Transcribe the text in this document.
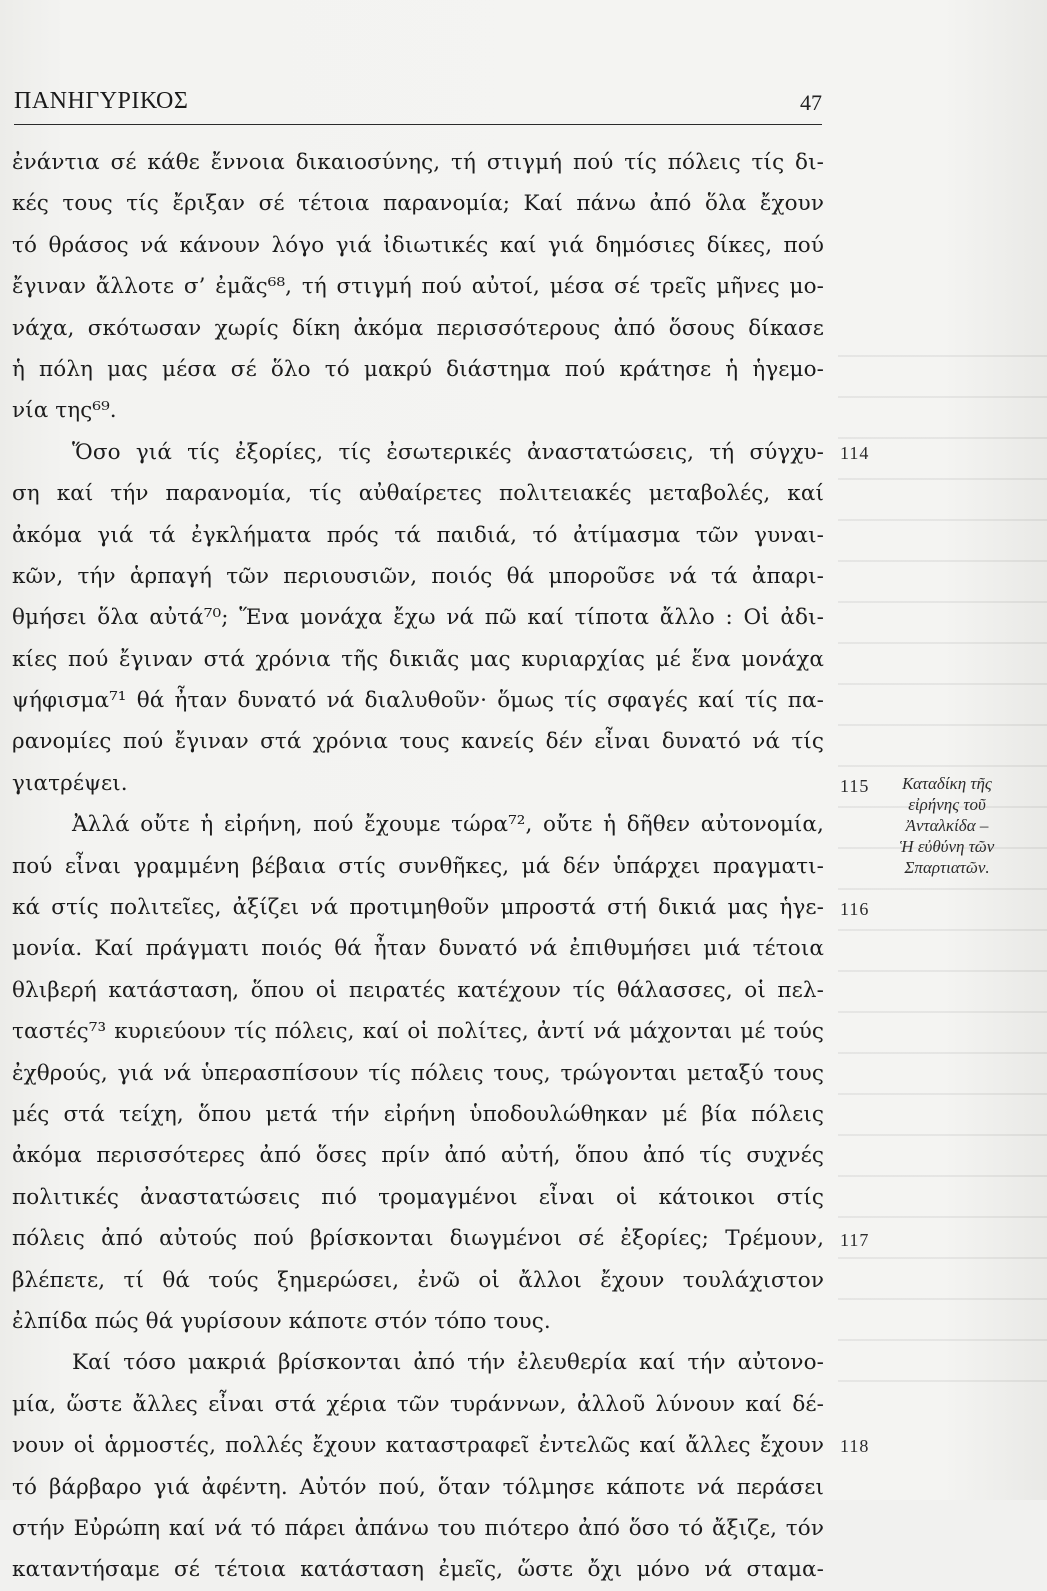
ΠΑΝΗΓΥΡΙΚΟΣ	47
ἐνάντια σέ κάθε ἔννοια δικαιοσύνης, τή στιγμή πού τίς πόλεις τίς δι-
κές τους τίς ἔριξαν σέ τέτοια παρανομία; Καί πάνω ἀπό ὅλα ἔχουν
τό θράσος νά κάνουν λόγο γιά ἰδιωτικές καί γιά δημόσιες δίκες, πού
ἔγιναν ἄλλοτε σ’ ἐμᾶς⁶⁸, τή στιγμή πού αὐτοί, μέσα σέ τρεῖς μῆνες μο-
νάχα, σκότωσαν χωρίς δίκη ἀκόμα περισσότερους ἀπό ὅσους δίκασε
ἡ πόλη μας μέσα σέ ὅλο τό μακρύ διάστημα πού κράτησε ἡ ἡγεμο-
νία της⁶⁹.
Ὅσο γιά τίς ἐξορίες, τίς ἐσωτερικές ἀναστατώσεις, τή σύγχυ-
ση καί τήν παρανομία, τίς αὐθαίρετες πολιτειακές μεταβολές, καί
ἀκόμα γιά τά ἐγκλήματα πρός τά παιδιά, τό ἀτίμασμα τῶν γυναι-
κῶν, τήν ἁρπαγή τῶν περιουσιῶν, ποιός θά μποροῦσε νά τά ἀπαρι-
θμήσει ὅλα αὐτά⁷⁰; Ἕνα μονάχα ἔχω νά πῶ καί τίποτα ἄλλο : Οἱ ἀδι-
κίες πού ἔγιναν στά χρόνια τῆς δικιᾶς μας κυριαρχίας μέ ἕνα μονάχα
ψήφισμα⁷¹ θά ἦταν δυνατό νά διαλυθοῦν· ὅμως τίς σφαγές καί τίς πα-
ρανομίες πού ἔγιναν στά χρόνια τους κανείς δέν εἶναι δυνατό νά τίς
γιατρέψει.
Ἀλλά οὔτε ἡ εἰρήνη, πού ἔχουμε τώρα⁷², οὔτε ἡ δῆθεν αὐτονομία,
πού εἶναι γραμμένη βέβαια στίς συνθῆκες, μά δέν ὑπάρχει πραγματι-
κά στίς πολιτεῖες, ἀξίζει νά προτιμηθοῦν μπροστά στή δικιά μας ἡγε-
μονία. Καί πράγματι ποιός θά ἦταν δυνατό νά ἐπιθυμήσει μιά τέτοια
θλιβερή κατάσταση, ὅπου οἱ πειρατές κατέχουν τίς θάλασσες, οἱ πελ-
ταστές⁷³ κυριεύουν τίς πόλεις, καί οἱ πολίτες, ἀντί νά μάχονται μέ τούς
ἐχθρούς, γιά νά ὑπερασπίσουν τίς πόλεις τους, τρώγονται μεταξύ τους
μές στά τείχη, ὅπου μετά τήν εἰρήνη ὑποδουλώθηκαν μέ βία πόλεις
ἀκόμα περισσότερες ἀπό ὅσες πρίν ἀπό αὐτή, ὅπου ἀπό τίς συχνές
πολιτικές ἀναστατώσεις πιό τρομαγμένοι εἶναι οἱ κάτοικοι στίς
πόλεις ἀπό αὐτούς πού βρίσκονται διωγμένοι σέ ἐξορίες; Τρέμουν,
βλέπετε, τί θά τούς ξημερώσει, ἐνῶ οἱ ἄλλοι ἔχουν τουλάχιστον
ἐλπίδα πώς θά γυρίσουν κάποτε στόν τόπο τους.
Καί τόσο μακριά βρίσκονται ἀπό τήν ἐλευθερία καί τήν αὐτονο-
μία, ὥστε ἄλλες εἶναι στά χέρια τῶν τυράννων, ἀλλοῦ λύνουν καί δέ-
νουν οἱ ἁρμοστές, πολλές ἔχουν καταστραφεῖ ἐντελῶς καί ἄλλες ἔχουν
τό βάρβαρο γιά ἀφέντη. Αὐτόν πού, ὅταν τόλμησε κάποτε νά περάσει
στήν Εὐρώπη καί νά τό πάρει ἀπάνω του πιότερο ἀπό ὅσο τό ἄξιζε, τόν
καταντήσαμε σέ τέτοια κατάσταση ἐμεῖς, ὥστε ὄχι μόνο νά σταμα-
114
115
116
117
118
Καταδίκη τῆς
εἰρήνης τοῦ
Ἀνταλκίδα –
Ἡ εὐθύνη τῶν
Σπαρτιατῶν.
